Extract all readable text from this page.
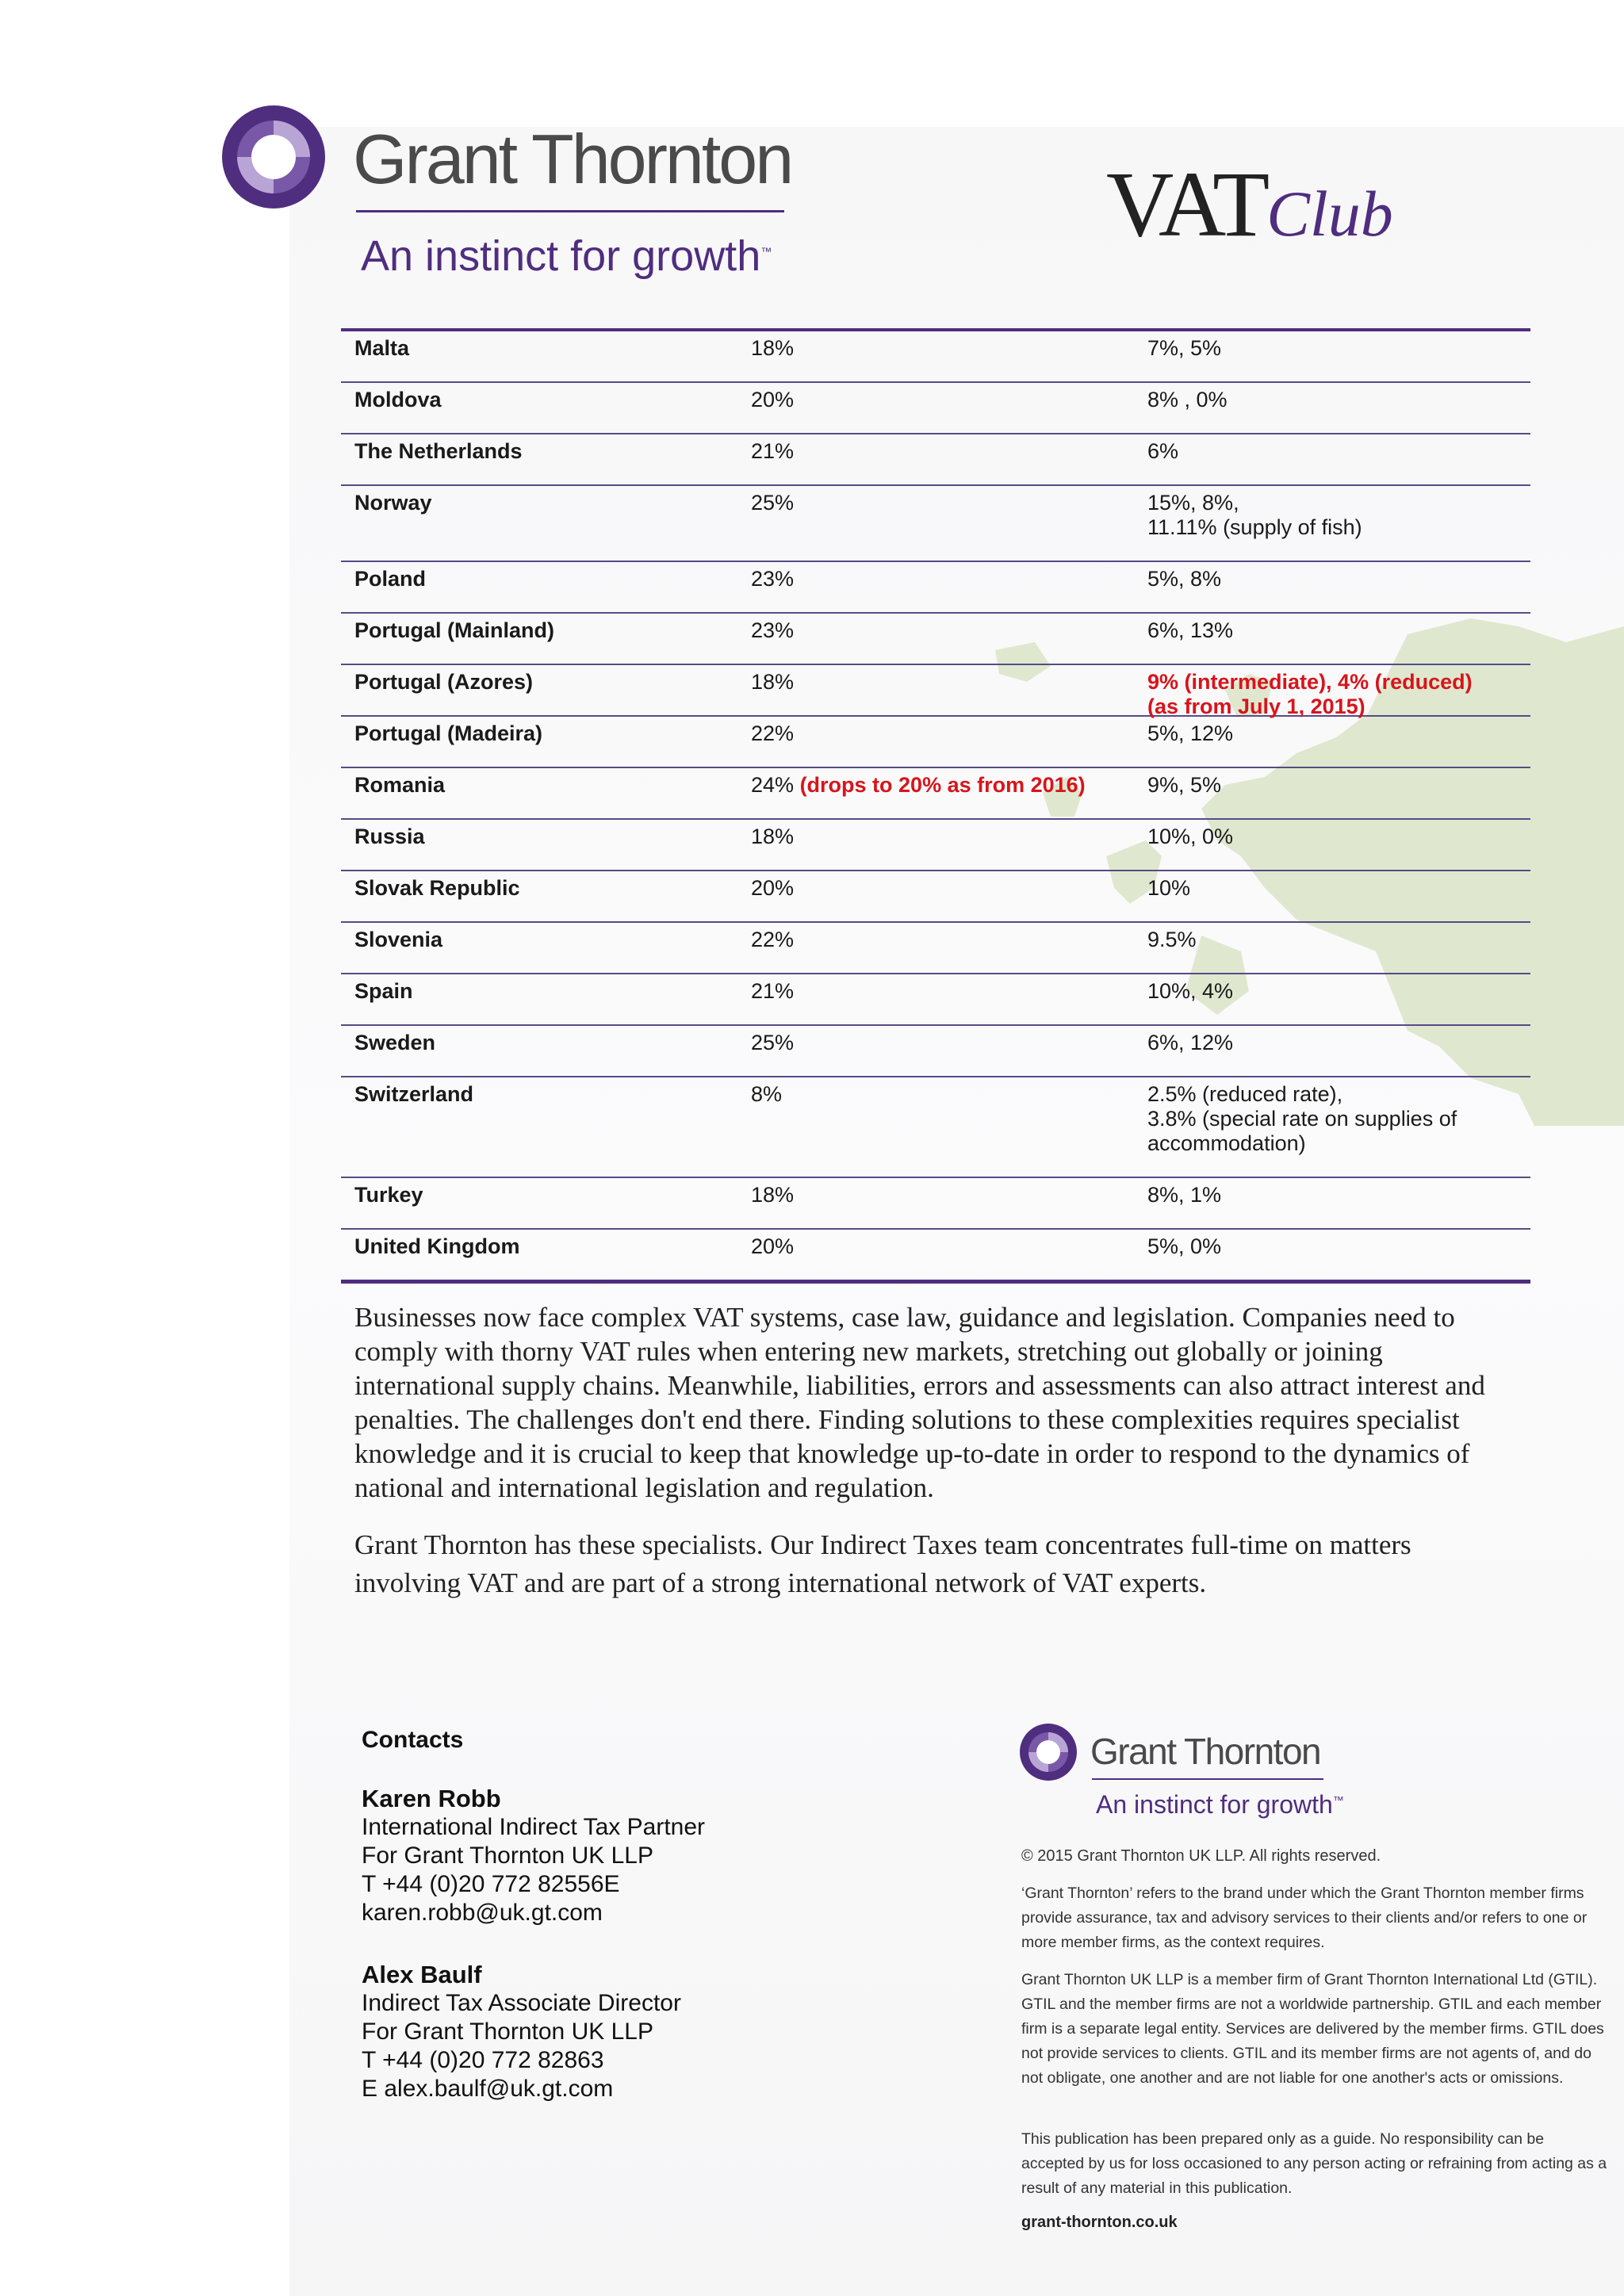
Grant Thornton
An instinct for growth™	VATClub
Malta	18%	7%, 5%
Moldova	20%	8% , 0%
The Netherlands	21%	6%
Norway	25%	15%, 8%,
11.11% (supply of fish)
Poland	23%	5%, 8%
Portugal (Mainland)	23%	6%, 13%
Portugal (Azores)	18%	9% (intermediate), 4% (reduced)
(as from July 1, 2015)
Portugal (Madeira)	22%	5%, 12%
Romania	24% (drops to 20% as from 2016)	9%, 5%
Russia	18%	10%, 0%
Slovak Republic	20%	10%
Slovenia	22%	9.5%
Spain	21%	10%, 4%
Sweden	25%	6%, 12%
Switzerland	8%	2.5% (reduced rate),
3.8% (special rate on supplies of
accommodation)
Turkey	18%	8%, 1%
United Kingdom	20%	5%, 0%
Businesses now face complex VAT systems, case law, guidance and legislation. Companies need to comply with thorny VAT rules when entering new markets, stretching out globally or joining international supply chains. Meanwhile, liabilities, errors and assessments can also attract interest and penalties. The challenges don't end there. Finding solutions to these complexities requires specialist knowledge and it is crucial to keep that knowledge up-to-date in order to respond to the dynamics of national and international legislation and regulation.
Grant Thornton has these specialists. Our Indirect Taxes team concentrates full-time on matters involving VAT and are part of a strong international network of VAT experts.
Contacts
Karen Robb
International Indirect Tax Partner
For Grant Thornton UK LLP
T +44 (0)20 772 82556E
karen.robb@uk.gt.com
Alex Baulf
Indirect Tax Associate Director
For Grant Thornton UK LLP
T +44 (0)20 772 82863
E alex.baulf@uk.gt.com
Grant Thornton
An instinct for growth™
© 2015 Grant Thornton UK LLP. All rights reserved.
‘Grant Thornton’ refers to the brand under which the Grant Thornton member firms provide assurance, tax and advisory services to their clients and/or refers to one or more member firms, as the context requires.
Grant Thornton UK LLP is a member firm of Grant Thornton International Ltd (GTIL). GTIL and the member firms are not a worldwide partnership. GTIL and each member firm is a separate legal entity. Services are delivered by the member firms. GTIL does not provide services to clients. GTIL and its member firms are not agents of, and do not obligate, one another and are not liable for one another's acts or omissions.
This publication has been prepared only as a guide. No responsibility can be accepted by us for loss occasioned to any person acting or refraining from acting as a result of any material in this publication.
grant-thornton.co.uk
